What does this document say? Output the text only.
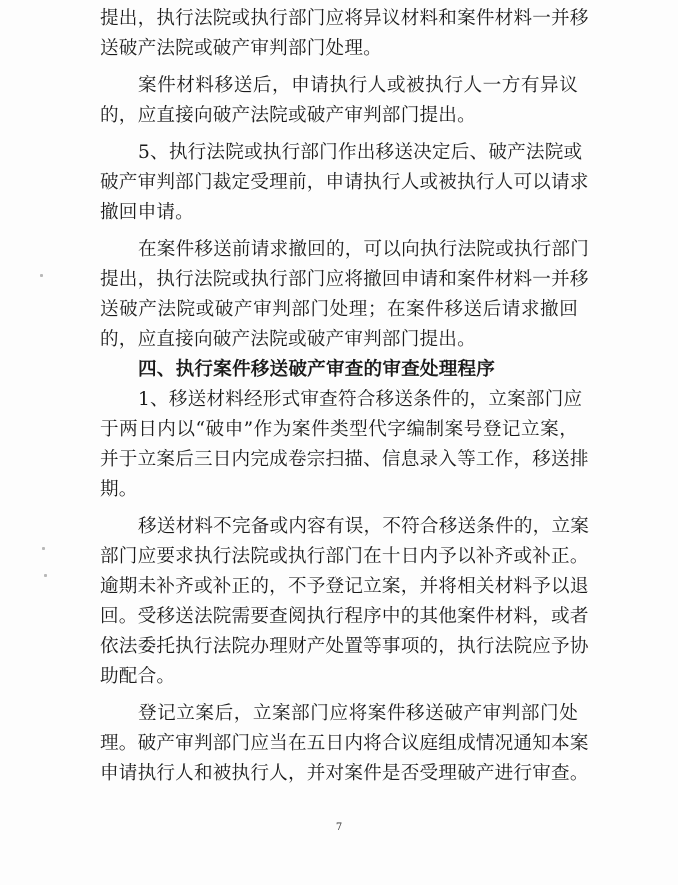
提出，执行法院或执行部门应将异议材料和案件材料一并移
送破产法院或破产审判部门处理。
案件材料移送后，申请执行人或被执行人一方有异议
的，应直接向破产法院或破产审判部门提出。
5、执行法院或执行部门作出移送决定后、破产法院或
破产审判部门裁定受理前，申请执行人或被执行人可以请求
撤回申请。
在案件移送前请求撤回的，可以向执行法院或执行部门
提出，执行法院或执行部门应将撤回申请和案件材料一并移
送破产法院或破产审判部门处理；在案件移送后请求撤回
的，应直接向破产法院或破产审判部门提出。
四、执行案件移送破产审查的审查处理程序
1、移送材料经形式审查符合移送条件的，立案部门应
于两日内以“破申”作为案件类型代字编制案号登记立案，
并于立案后三日内完成卷宗扫描、信息录入等工作，移送排
期。
移送材料不完备或内容有误，不符合移送条件的，立案
部门应要求执行法院或执行部门在十日内予以补齐或补正。
逾期未补齐或补正的，不予登记立案，并将相关材料予以退
回。受移送法院需要查阅执行程序中的其他案件材料，或者
依法委托执行法院办理财产处置等事项的，执行法院应予协
助配合。
登记立案后，立案部门应将案件移送破产审判部门处
理。破产审判部门应当在五日内将合议庭组成情况通知本案
申请执行人和被执行人，并对案件是否受理破产进行审查。
7
